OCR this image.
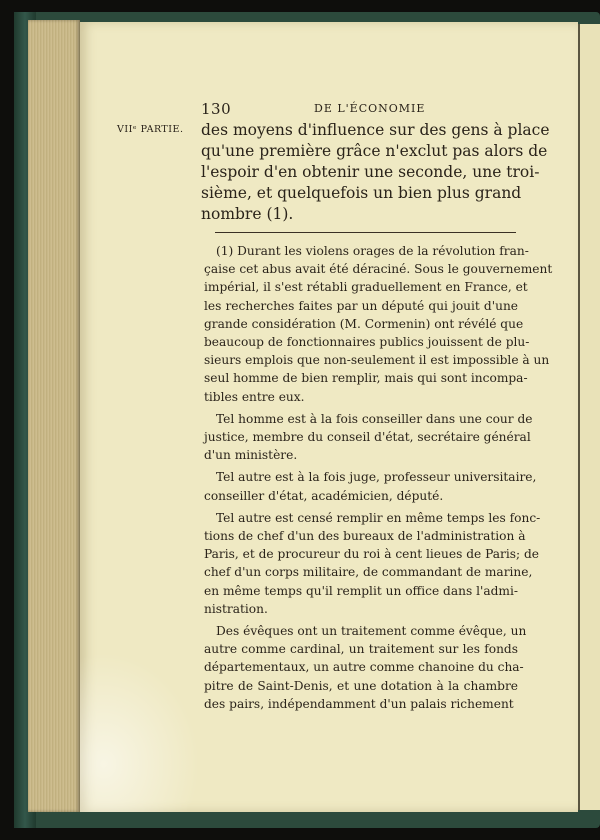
130	DE L'ÉCONOMIE
VIIᵉ PARTIE. des moyens d'influence sur des gens à place
qu'une première grâce n'exclut pas alors de
l'espoir d'en obtenir une seconde, une troi-
sième, et quelquefois un bien plus grand
nombre (1).
(1) Durant les violens orages de la révolution fran-
çaise cet abus avait été déraciné. Sous le gouvernement
impérial, il s'est rétabli graduellement en France, et
les recherches faites par un député qui jouit d'une
grande considération (M. Cormenin) ont révélé que
beaucoup de fonctionnaires publics jouissent de plu-
sieurs emplois que non-seulement il est impossible à un
seul homme de bien remplir, mais qui sont incompa-
tibles entre eux.
Tel homme est à la fois conseiller dans une cour de
justice, membre du conseil d'état, secrétaire général
d'un ministère.
Tel autre est à la fois juge, professeur universitaire,
conseiller d'état, académicien, député.
Tel autre est censé remplir en même temps les fonc-
tions de chef d'un des bureaux de l'administration à
Paris, et de procureur du roi à cent lieues de Paris; de
chef d'un corps militaire, de commandant de marine,
en même temps qu'il remplit un office dans l'admi-
nistration.
Des évêques ont un traitement comme évêque, un
autre comme cardinal, un traitement sur les fonds
départementaux, un autre comme chanoine du cha-
pitre de Saint-Denis, et une dotation à la chambre
des pairs, indépendamment d'un palais richement
